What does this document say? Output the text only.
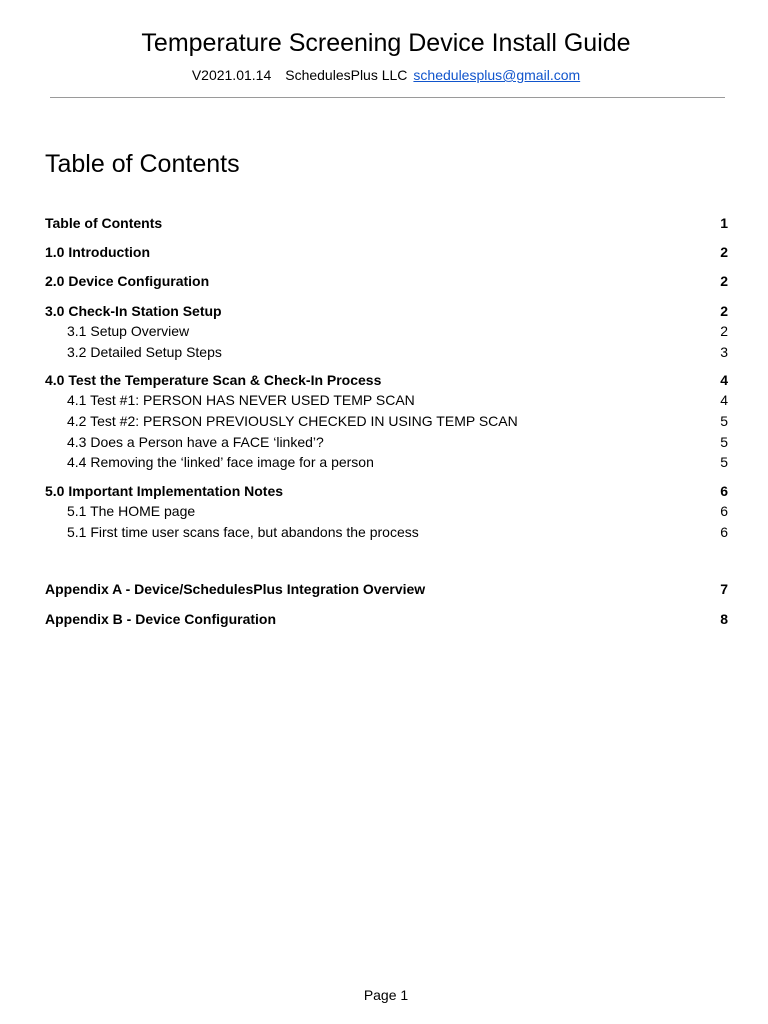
Temperature Screening Device Install Guide
V2021.01.14 SchedulesPlus LLC schedulesplus@gmail.com
Table of Contents
Table of Contents	1
1.0 Introduction	2
2.0 Device Configuration	2
3.0 Check-In Station Setup	2
3.1 Setup Overview	2
3.2 Detailed Setup Steps	3
4.0 Test the Temperature Scan & Check-In Process	4
4.1 Test #1: PERSON HAS NEVER USED TEMP SCAN	4
4.2 Test #2: PERSON PREVIOUSLY CHECKED IN USING TEMP SCAN	5
4.3 Does a Person have a FACE ‘linked’?	5
4.4 Removing the ‘linked’ face image for a person	5
5.0 Important Implementation Notes	6
5.1 The HOME page	6
5.1 First time user scans face, but abandons the process	6
Appendix A - Device/SchedulesPlus Integration Overview	7
Appendix B - Device Configuration	8
Page 1
